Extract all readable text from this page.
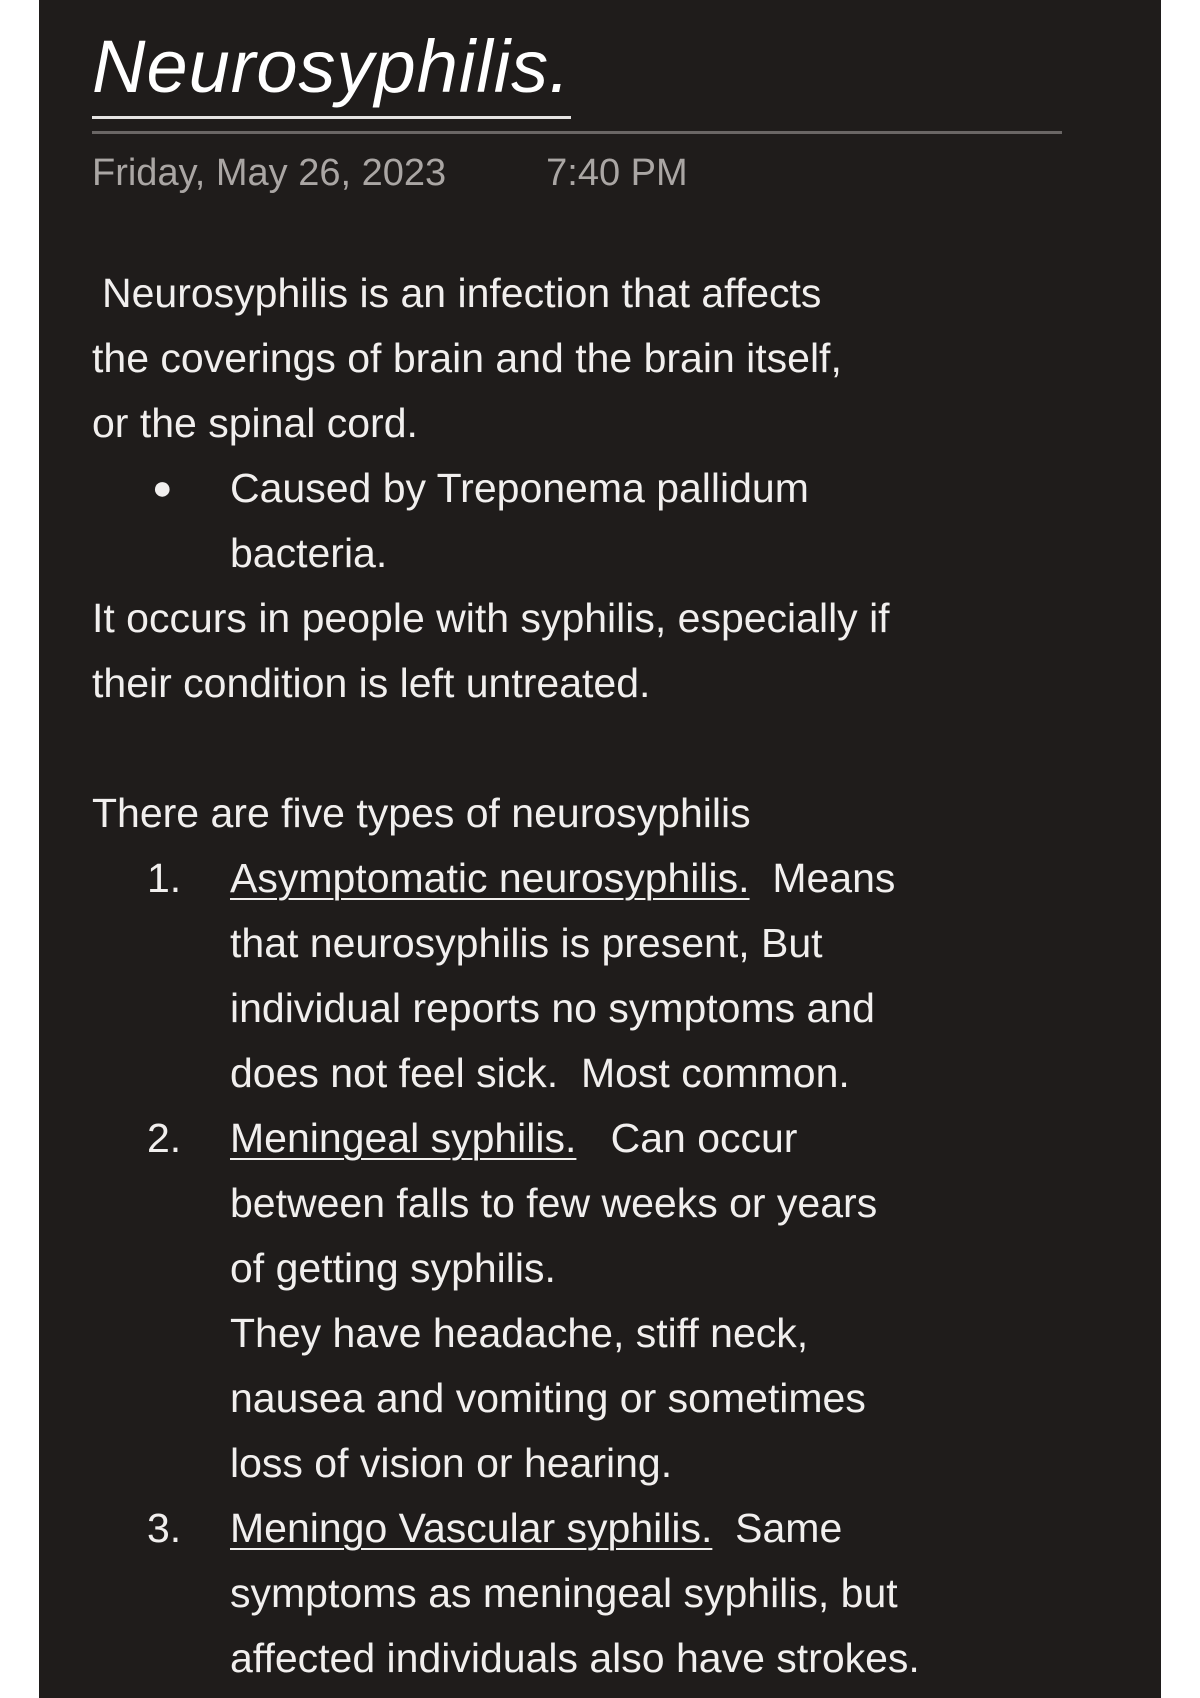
Neurosyphilis.
Friday, May 26, 2023	7:40 PM
Neurosyphilis is an infection that affects
the coverings of brain and the brain itself,
or the spinal cord.
●	Caused by Treponema pallidum
bacteria.
It occurs in people with syphilis, especially if
their condition is left untreated.
There are five types of neurosyphilis
1.	Asymptomatic neurosyphilis. Means
that neurosyphilis is present, But
individual reports no symptoms and
does not feel sick.  Most common.
2.	Meningeal syphilis. Can occur
between falls to few weeks or years
of getting syphilis.
They have headache, stiff neck,
nausea and vomiting or sometimes
loss of vision or hearing.
3.	Meningo Vascular syphilis. Same
symptoms as meningeal syphilis, but
affected individuals also have strokes.
